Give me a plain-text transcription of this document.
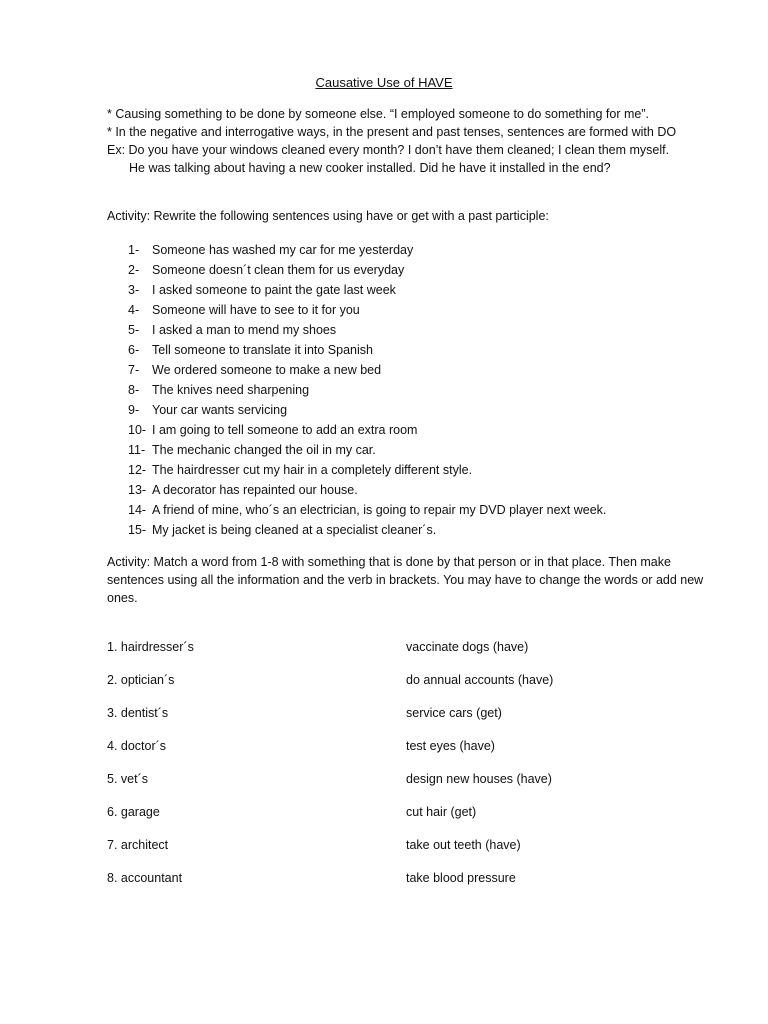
Causative Use of HAVE
* Causing something to be done by someone else. “I employed someone to do something for me”.
* In the negative and interrogative ways, in the present and past tenses, sentences are formed with DO
Ex: Do you have your windows cleaned every month? I don’t have them cleaned; I clean them myself.
He was talking about having a new cooker installed. Did he have it installed in the end?
Activity: Rewrite the following sentences using have or get with a past participle:
1- Someone has washed my car for me yesterday
2- Someone doesn´t clean them for us everyday
3- I asked someone to paint the gate last week
4- Someone will have to see to it for you
5- I asked a man to mend my shoes
6- Tell someone to translate it into Spanish
7- We ordered someone to make a new bed
8- The knives need sharpening
9- Your car wants servicing
10- I am going to tell someone to add an extra room
11- The mechanic changed the oil in my car.
12- The hairdresser cut my hair in a completely different style.
13- A decorator has repainted our house.
14- A friend of mine, who´s an electrician, is going to repair my DVD player next week.
15- My jacket is being cleaned at a specialist cleaner´s.
Activity: Match a word from 1-8 with something that is done by that person or in that place. Then make sentences using all the information and the verb in brackets. You may have to change the words or add new ones.
1. hairdresser´s	vaccinate dogs (have)
2. optician´s	do annual accounts (have)
3. dentist´s	service cars (get)
4. doctor´s	test eyes (have)
5. vet´s	design new houses (have)
6. garage	cut hair (get)
7. architect	take out teeth (have)
8. accountant	take blood pressure
